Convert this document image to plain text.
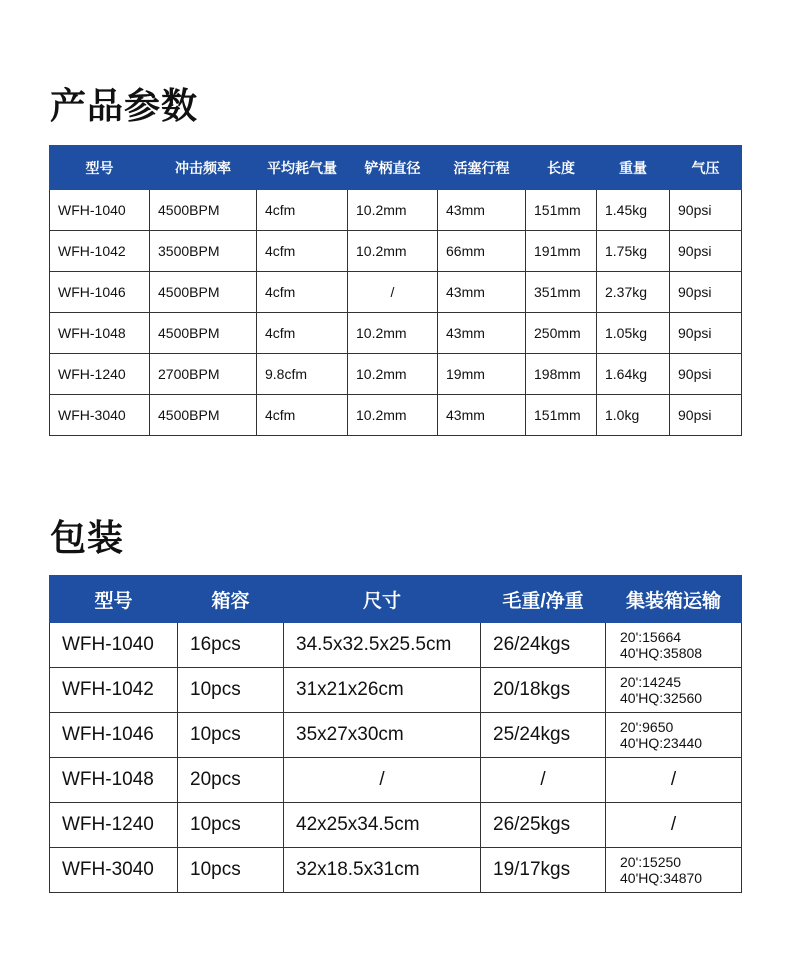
产品参数
型号	冲击频率	平均耗气量	铲柄直径	活塞行程	长度	重量	气压
WFH-1040	4500BPM	4cfm	10.2mm	43mm	151mm	1.45kg	90psi
WFH-1042	3500BPM	4cfm	10.2mm	66mm	191mm	1.75kg	90psi
WFH-1046	4500BPM	4cfm	/	43mm	351mm	2.37kg	90psi
WFH-1048	4500BPM	4cfm	10.2mm	43mm	250mm	1.05kg	90psi
WFH-1240	2700BPM	9.8cfm	10.2mm	19mm	198mm	1.64kg	90psi
WFH-3040	4500BPM	4cfm	10.2mm	43mm	151mm	1.0kg	90psi
包装
型号	箱容	尺寸	毛重/净重	集装箱运输
WFH-1040	16pcs	34.5x32.5x25.5cm	26/24kgs	20':15664
40'HQ:35808

WFH-1042	10pcs	31x21x26cm	20/18kgs	20':14245
40'HQ:32560

WFH-1046	10pcs	35x27x30cm	25/24kgs	20':9650
40'HQ:23440

WFH-1048	20pcs	/	/	/
WFH-1240	10pcs	42x25x34.5cm	26/25kgs	/
WFH-3040	10pcs	32x18.5x31cm	19/17kgs	20':15250
40'HQ:34870
